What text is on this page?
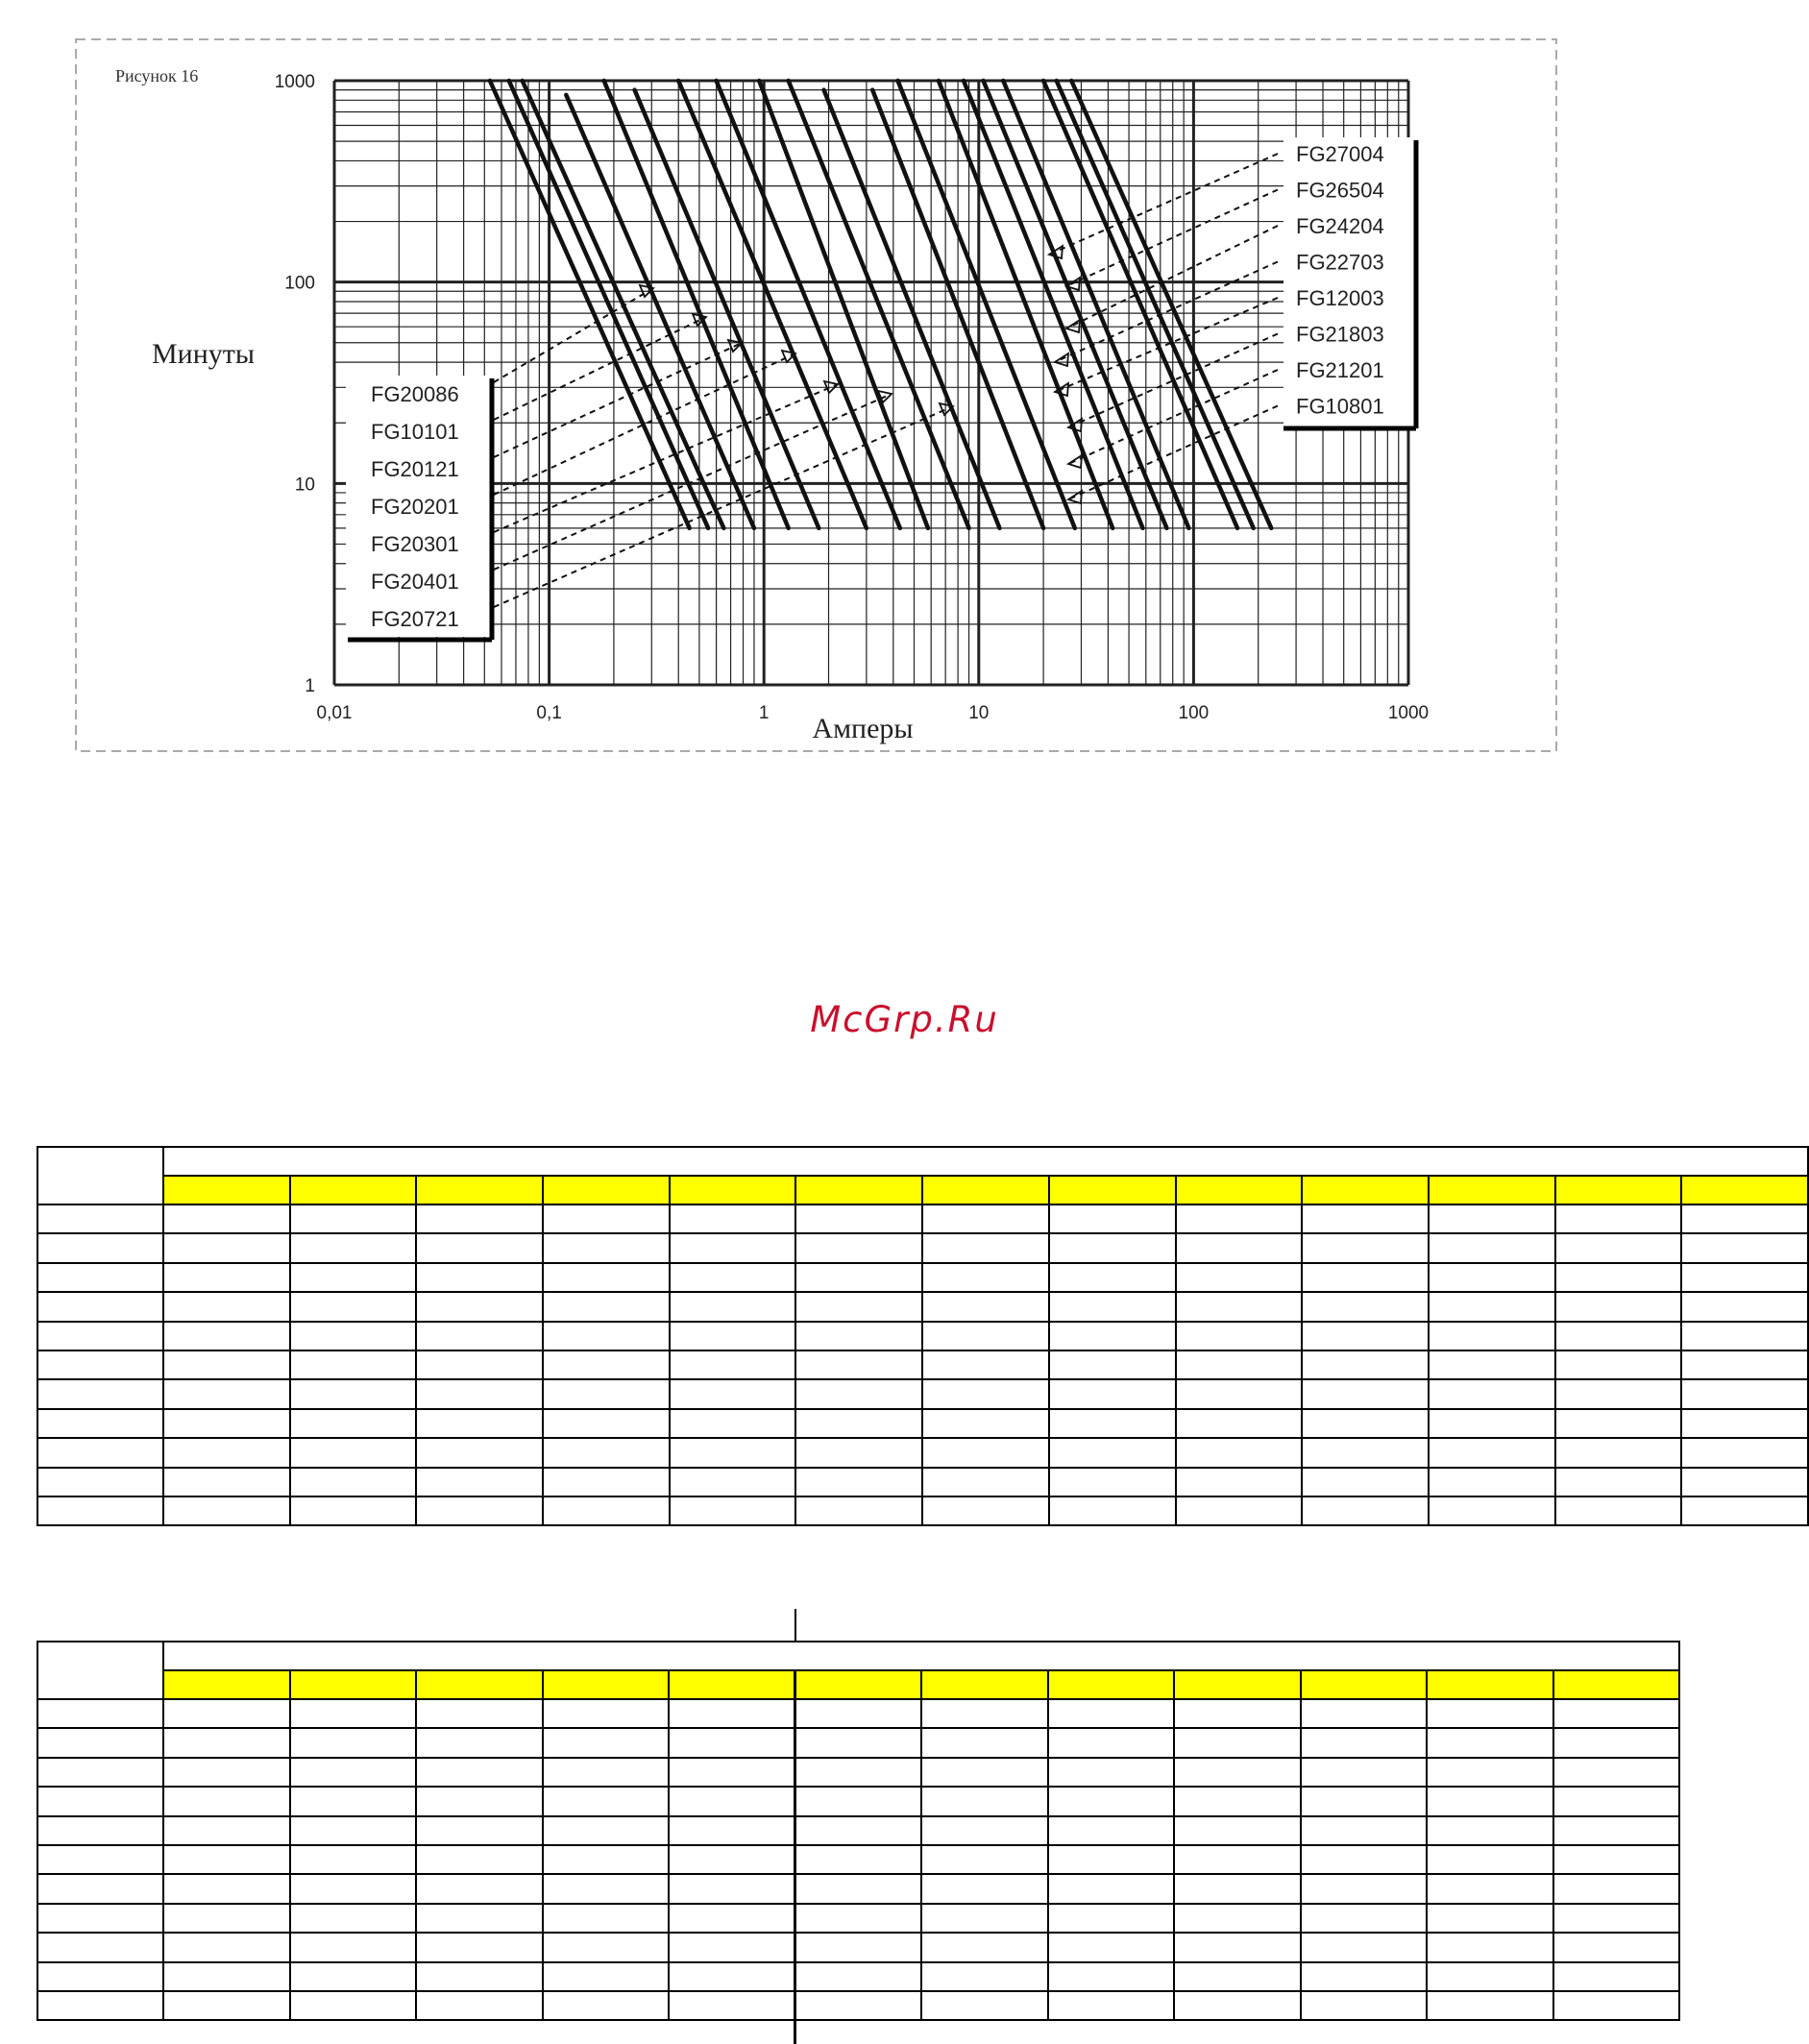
Рисунок 16
0,01	0,1	1	10	100	1000
1
10
100
1000
FG20086
FG10101
FG20121
FG20201
FG20301
FG20401
FG20721
FG27004
FG26504
FG24204
FG22703
FG12003
FG21803
FG21201
FG10801
Минуты
Амперы
McGrp.Ru
